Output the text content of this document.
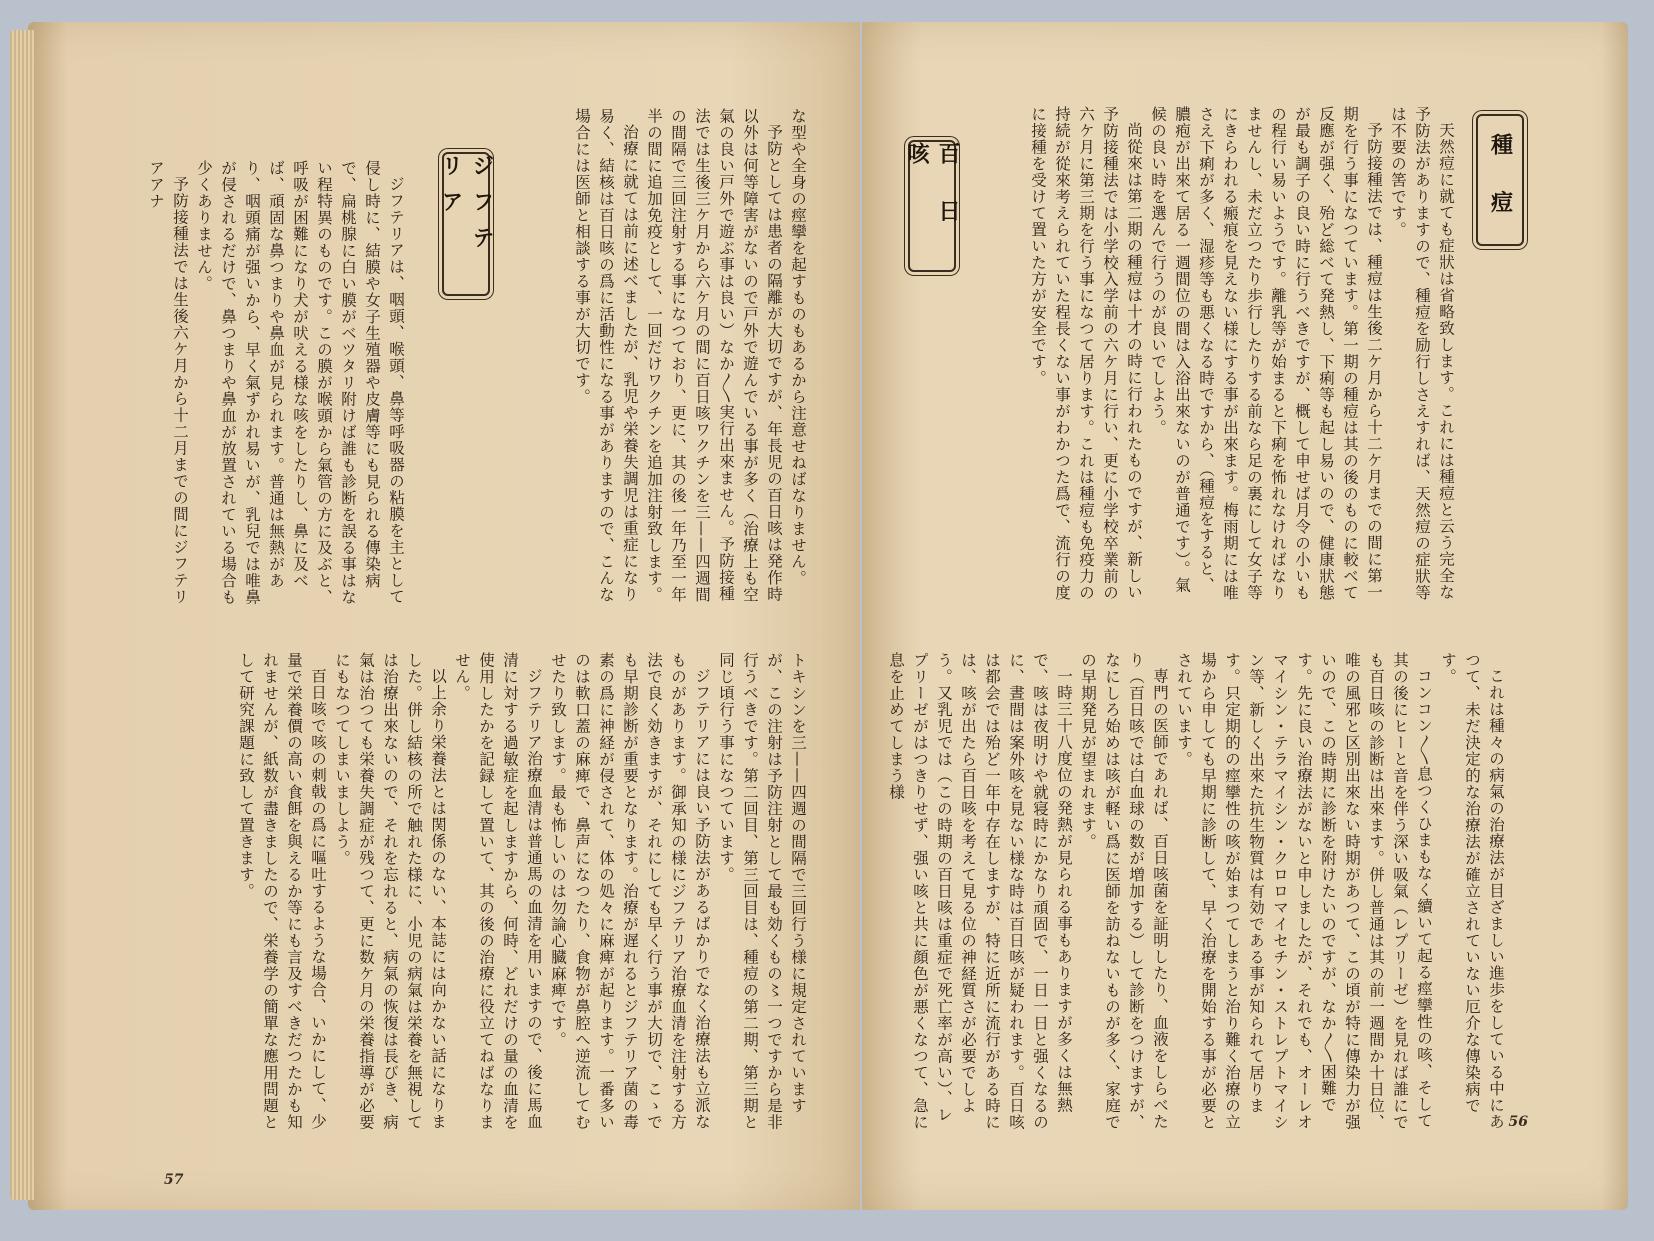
な型や全身の痙攣を起すものもあるから注意せねばなりません。

予防としては患者の隔離が大切ですが、年長児の百日咳は発作時以外は何等障害がないので戸外で遊んでいる事が多く（治療上も空氣の良い戸外で遊ぶ事は良い）なか〳〵実行出來ません。予防接種法では生後三ケ月から六ケ月の間に百日咳ワクチンを三——四週間の間隔で三回注射する事になつており、更に、其の後一年乃至一年半の間に追加免疫として、一回だけワクチンを追加注射致します。

治療に就ては前に述べましたが、乳児や栄養失調児は重症になり易く、結核は百日咳の爲に活動性になる事がありますので、こんな場合には医師と相談する事が大切です。

ジフテリア

ジフテリアは、咽頭、喉頭、鼻等呼吸器の粘膜を主として侵し時に、結膜や女子生殖器や皮膚等にも見られる傳染病で、扁桃腺に白い膜がベツタリ附けば誰も診断を誤る事はない程特異のものです。この膜が喉頭から氣管の方に及ぶと、呼吸が困難になり犬が吠える様な咳をしたりし、鼻に及べば、頑固な鼻つまりや鼻血が見られます。普通は無熱があり、咽頭痛が强いから、早く氣ずかれ易いが、乳兒では唯鼻が侵されるだけで、鼻つまりや鼻血が放置されている場合も少くありません。

予防接種法では生後六ケ月から十二月までの間にジフテリアアナ

トキシンを三——四週の間隔で三回行う様に規定されていますが、この注射は予防注射として最も効くもの〻一つですから是非行うべきです。第二回目、第三回目は、種痘の第二期、第三期と同じ頃行う事になつています。

ジフテリアには良い予防法があるばかりでなく治療法も立派なものがあります。御承知の様にジフテリア治療血清を注射する方法で良く効きますが、それにしても早く行う事が大切で、こゝでも早期診断が重要となります。治療が遅れるとジフテリア菌の毒素の爲に神経が侵されて、体の処々に麻痺が起ります。一番多いのは軟口蓋の麻痺で、鼻声になつたり、食物が鼻腔へ逆流してむせたり致します。最も怖しいのは勿論心臓麻痺です。

ジフテリア治療血清は普通馬の血清を用いますので、後に馬血清に対する過敏症を起しますから、何時、どれだけの量の血清を使用したかを記録して置いて、其の後の治療に役立てねばなりません。

以上余り栄養法とは関係のない、本誌には向かない話になりました。併し結核の所で触れた様に、小児の病氣は栄養を無視しては治療出來ないので、それを忘れると、病氣の恢復は長びき、病氣は治つても栄養失調症が残つて、更に数ケ月の栄養指導が必要にもなつてしまいましよう。

百日咳で咳の刺戟の爲に嘔吐するような場合、いかにして、少量で栄養價の高い食餌を與えるか等にも言及すべきだつたかも知れませんが、紙数が盡きましたので、栄養学の簡單な應用問題として研究課題に致して置きます。

57
種 痘

天然痘に就ても症狀は省略致します。これには種痘と云う完全な予防法がありますので、種痘を励行しさえすれば、天然痘の症狀等は不要の筈です。

予防接種法では、種痘は生後二ケ月から十二ケ月までの間に第一期を行う事になつています。第一期の種痘は其の後のものに較べて反應が强く、殆ど総べて発熱し、下痢等も起し易いので、健康狀態が最も調子の良い時に行うべきですが、概して申せば月令の小いもの程行い易いようです。離乳等が始まると下痢を怖れなければなりませんし、未だ立つたり歩行したりする前なら足の裏にして女子等にきらわれる瘢痕を見えない様にする事が出來ます。梅雨期には唯さえ下痢が多く、湿疹等も悪くなる時ですから、（種痘をすると、膿疱が出來て居る一週間位の間は入浴出來ないのが普通です）。氣候の良い時を選んで行うのが良いでしよう。

尚從來は第二期の種痘は十才の時に行われたものですが、新しい予防接種法では小学校入学前の六ケ月に行い、更に小学校卒業前の六ケ月に第三期を行う事になつて居ります。これは種痘も免疫力の持続が從來考えられていた程長くない事がわかつた爲で、流行の度に接種を受けて置いた方が安全です。

百 日 咳

これは種々の病氣の治療法が目ざましい進歩をしている中にあつて、未だ決定的な治療法が確立されていない厄介な傳染病です。

コンコン〳〵息つくひまもなく續いて起る痙攣性の咳、そして其の後にヒーと音を伴う深い吸氣（レプリーゼ）を見れば誰にでも百日咳の診断は出來ます。併し普通は其の前一週間か十日位、唯の風邪と区別出來ない時期があつて、この頃が特に傳染力が强いので、この時期に診断を附けたいのですが、なか〳〵困難です。先に良い治療法がないと申しましたが、それでも、オーレオマイシン・テラマイシン・クロロマイセチン・ストレプトマイシン等、新しく出來た抗生物質は有効である事が知られて居ります。只定期的の痙攣性の咳が始まつてしまうと治り難く治療の立場から申しても早期に診断して、早く治療を開始する事が必要とされています。

専門の医師であれば、百日咳菌を証明したり、血液をしらべたり（百日咳では白血球の数が増加する）して診断をつけますが、なにしろ始めは咳が軽い爲に医師を訪ねないものが多く、家庭での早期発見が望まれます。

一時三十八度位の発熱が見られる事もありますが多くは無熱で、咳は夜明けや就寝時にかなり頑固で、一日一日と强くなるのに、晝間は案外咳を見ない様な時は百日咳が疑われます。百日咳は都会では殆ど一年中存在しますが、特に近所に流行がある時には、咳が出たら百日咳を考えて見る位の神経質さが必要でしよう。又乳児では（この時期の百日咳は重症で死亡率が高い）、レプリーゼがはつきりせず、强い咳と共に顔色が悪くなつて、急に息を止めてしまう様

56
